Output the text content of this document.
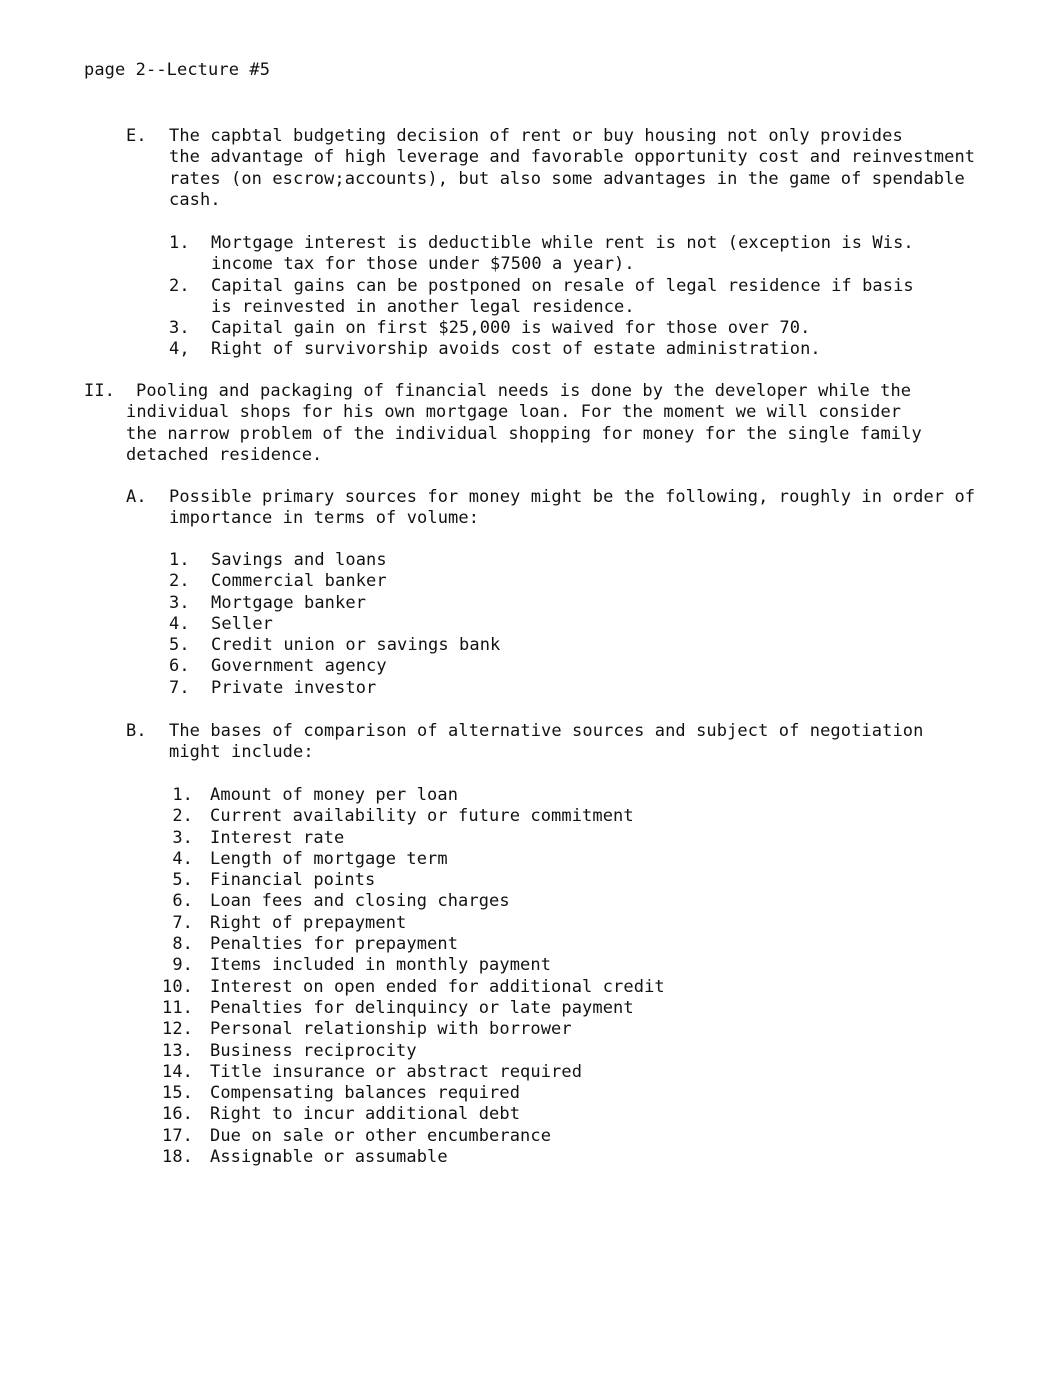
page 2--Lecture #5
E. The capbtal budgeting decision of rent or buy housing not only provides
the advantage of high leverage and favorable opportunity cost and reinvestment
rates (on escrow;accounts), but also some advantages in the game of spendable
cash.
1.	Mortgage interest is deductible while rent is not (exception is Wis.
income tax for those under $7500 a year).
2.	Capital gains can be postponed on resale of legal residence if basis
is reinvested in another legal residence.
3.	Capital gain on first $25,000 is waived for those over 70.
4,	Right of survivorship avoids cost of estate administration.
II.	Pooling and packaging of financial needs is done by the developer while the
individual shops for his own mortgage loan. For the moment we will consider
the narrow problem of the individual shopping for money for the single family
detached residence.
A. Possible primary sources for money might be the following, roughly in order of
importance in terms of volume:
1.	Savings and loans
2.	Commercial banker
3.	Mortgage banker
4.	Seller
5.	Credit union or savings bank
6.	Government agency
7.	Private investor
B. The bases of comparison of alternative sources and subject of negotiation
might include:
1.	Amount of money per loan
2.	Current availability or future commitment
3.	Interest rate
4.	Length of mortgage term
5.	Financial points
6.	Loan fees and closing charges
7.	Right of prepayment
8.	Penalties for prepayment
9.	Items included in monthly payment
10.	Interest on open ended for additional credit
11.	Penalties for delinquincy or late payment
12.	Personal relationship with borrower
13.	Business reciprocity
14.	Title insurance or abstract required
15.	Compensating balances required
16.	Right to incur additional debt
17.	Due on sale or other encumberance
18.	Assignable or assumable
